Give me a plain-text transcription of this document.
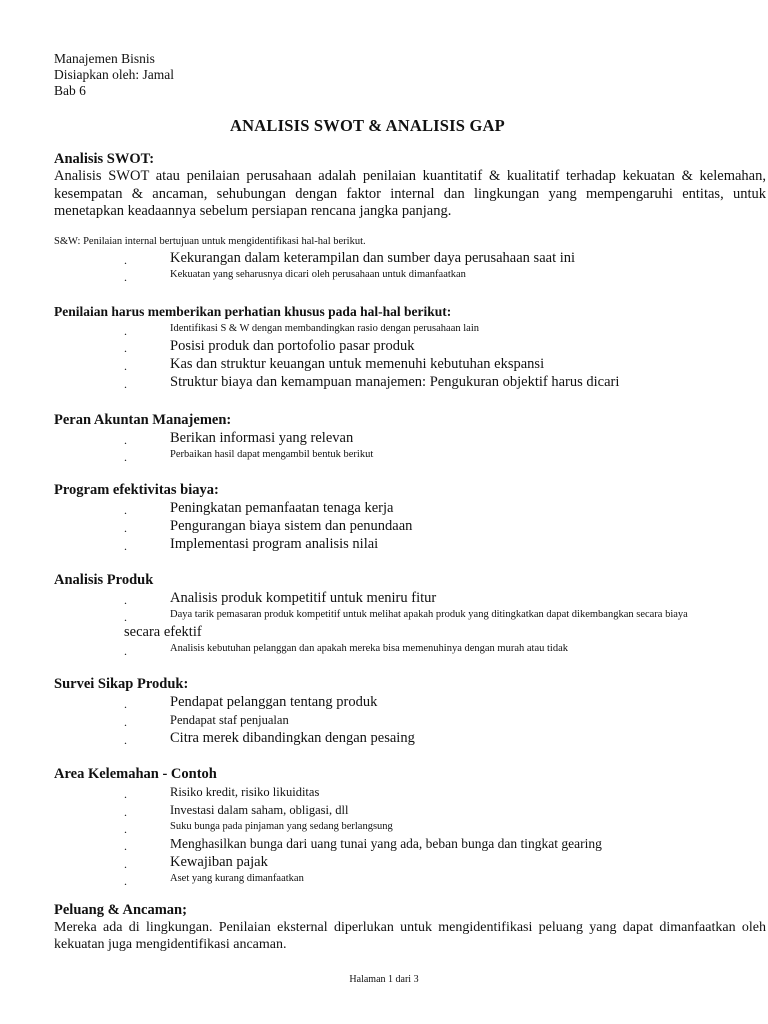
Manajemen Bisnis
Disiapkan oleh: Jamal
Bab 6
ANALISIS SWOT & ANALISIS GAP
Analisis SWOT:
Analisis SWOT atau penilaian perusahaan adalah penilaian kuantitatif & kualitatif terhadap kekuatan & kelemahan, kesempatan & ancaman, sehubungan dengan faktor internal dan lingkungan yang mempengaruhi entitas, untuk menetapkan keadaannya sebelum persiapan rencana jangka panjang.
S&W: Penilaian internal bertujuan untuk mengidentifikasi hal-hal berikut.
. Kekurangan dalam keterampilan dan sumber daya perusahaan saat ini
. Kekuatan yang seharusnya dicari oleh perusahaan untuk dimanfaatkan
Penilaian harus memberikan perhatian khusus pada hal-hal berikut:
. Identifikasi S & W dengan membandingkan rasio dengan perusahaan lain
. Posisi produk dan portofolio pasar produk
. Kas dan struktur keuangan untuk memenuhi kebutuhan ekspansi
. Struktur biaya dan kemampuan manajemen: Pengukuran objektif harus dicari
Peran Akuntan Manajemen:
. Berikan informasi yang relevan
. Perbaikan hasil dapat mengambil bentuk berikut
Program efektivitas biaya:
. Peningkatan pemanfaatan tenaga kerja
. Pengurangan biaya sistem dan penundaan
. Implementasi program analisis nilai
Analisis Produk
. Analisis produk kompetitif untuk meniru fitur
. Daya tarik pemasaran produk kompetitif untuk melihat apakah produk yang ditingkatkan dapat dikembangkan secara biaya
secara efektif
. Analisis kebutuhan pelanggan dan apakah mereka bisa memenuhinya dengan murah atau tidak
Survei Sikap Produk:
. Pendapat pelanggan tentang produk
. Pendapat staf penjualan
. Citra merek dibandingkan dengan pesaing
Area Kelemahan - Contoh
. Risiko kredit, risiko likuiditas
. Investasi dalam saham, obligasi, dll
. Suku bunga pada pinjaman yang sedang berlangsung
. Menghasilkan bunga dari uang tunai yang ada, beban bunga dan tingkat gearing
. Kewajiban pajak
. Aset yang kurang dimanfaatkan
Peluang & Ancaman;
Mereka ada di lingkungan. Penilaian eksternal diperlukan untuk mengidentifikasi peluang yang dapat dimanfaatkan oleh kekuatan juga mengidentifikasi ancaman.
Halaman 1 dari 3
